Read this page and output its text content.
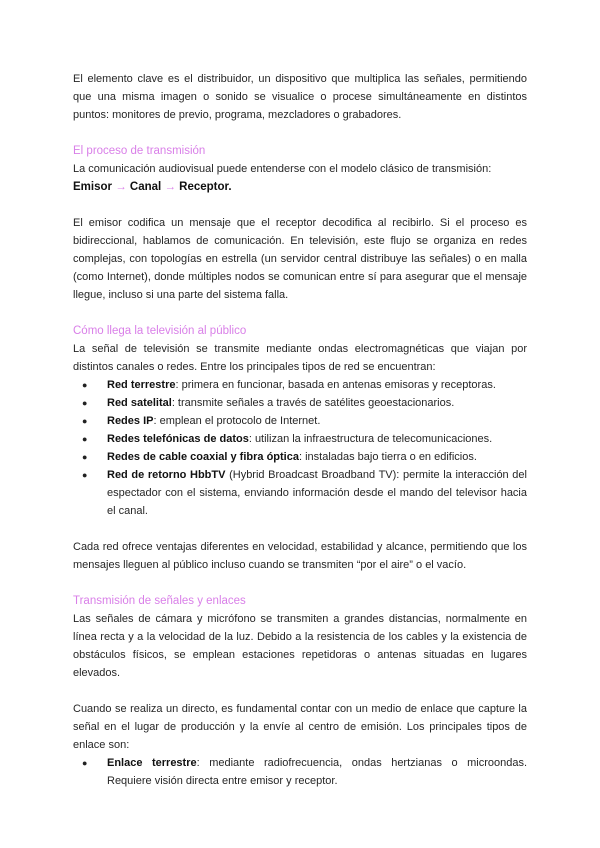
El elemento clave es el distribuidor, un dispositivo que multiplica las señales, permitiendo que una misma imagen o sonido se visualice o procese simultáneamente en distintos puntos: monitores de previo, programa, mezcladores o grabadores.

El proceso de transmisión

La comunicación audiovisual puede entenderse con el modelo clásico de transmisión:

Emisor → Canal → Receptor.

El emisor codifica un mensaje que el receptor decodifica al recibirlo. Si el proceso es bidireccional, hablamos de comunicación. En televisión, este flujo se organiza en redes complejas, con topologías en estrella (un servidor central distribuye las señales) o en malla (como Internet), donde múltiples nodos se comunican entre sí para asegurar que el mensaje llegue, incluso si una parte del sistema falla.

Cómo llega la televisión al público

La señal de televisión se transmite mediante ondas electromagnéticas que viajan por distintos canales o redes. Entre los principales tipos de red se encuentran:

● Red terrestre: primera en funcionar, basada en antenas emisoras y receptoras.
● Red satelital: transmite señales a través de satélites geoestacionarios.
● Redes IP: emplean el protocolo de Internet.
● Redes telefónicas de datos: utilizan la infraestructura de telecomunicaciones.
● Redes de cable coaxial y fibra óptica: instaladas bajo tierra o en edificios.
● Red de retorno HbbTV (Hybrid Broadcast Broadband TV): permite la interacción del espectador con el sistema, enviando información desde el mando del televisor hacia el canal.

Cada red ofrece ventajas diferentes en velocidad, estabilidad y alcance, permitiendo que los mensajes lleguen al público incluso cuando se transmiten “por el aire” o el vacío.

Transmisión de señales y enlaces

Las señales de cámara y micrófono se transmiten a grandes distancias, normalmente en línea recta y a la velocidad de la luz. Debido a la resistencia de los cables y la existencia de obstáculos físicos, se emplean estaciones repetidoras o antenas situadas en lugares elevados.

Cuando se realiza un directo, es fundamental contar con un medio de enlace que capture la señal en el lugar de producción y la envíe al centro de emisión. Los principales tipos de enlace son:

● Enlace terrestre: mediante radiofrecuencia, ondas hertzianas o microondas. Requiere visión directa entre emisor y receptor.
